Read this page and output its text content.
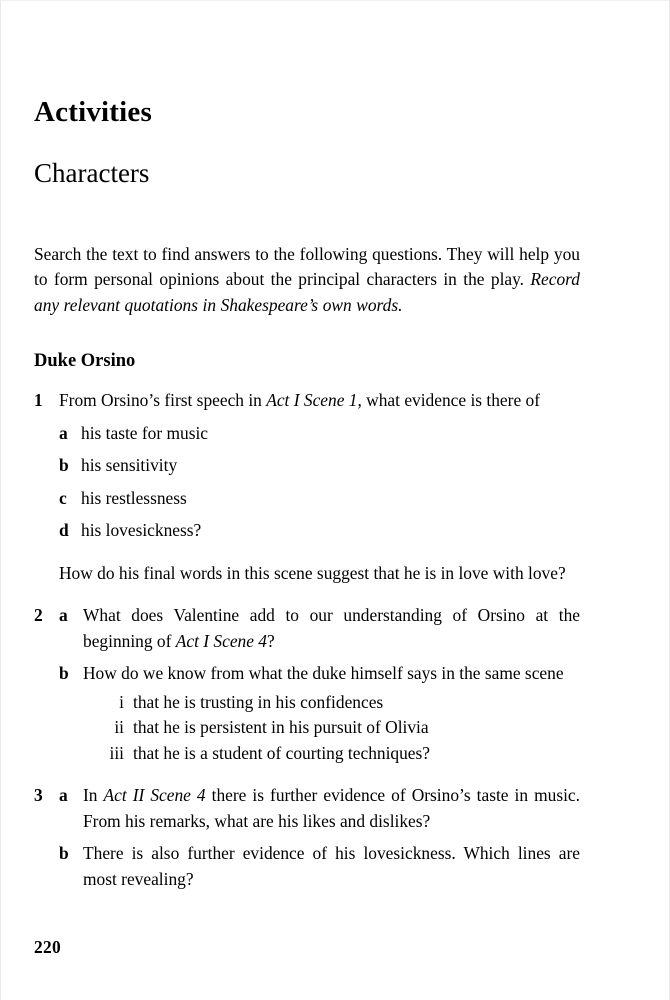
Activities
Characters

Search the text to find answers to the following questions. They will help you to form personal opinions about the principal characters in the play. Record any relevant quotations in Shakespeare’s own words.

Duke Orsino
1 From Orsino’s first speech in Act I Scene 1, what evidence is there of
a his taste for music
b his sensitivity
c his restlessness
d his lovesickness?
How do his final words in this scene suggest that he is in love with love?
2 a What does Valentine add to our understanding of Orsino at the beginning of Act I Scene 4?
b How do we know from what the duke himself says in the same scene
i that he is trusting in his confidences
ii that he is persistent in his pursuit of Olivia
iii that he is a student of courting techniques?
3 a In Act II Scene 4 there is further evidence of Orsino’s taste in music. From his remarks, what are his likes and dislikes?
b There is also further evidence of his lovesickness. Which lines are most revealing?
220
